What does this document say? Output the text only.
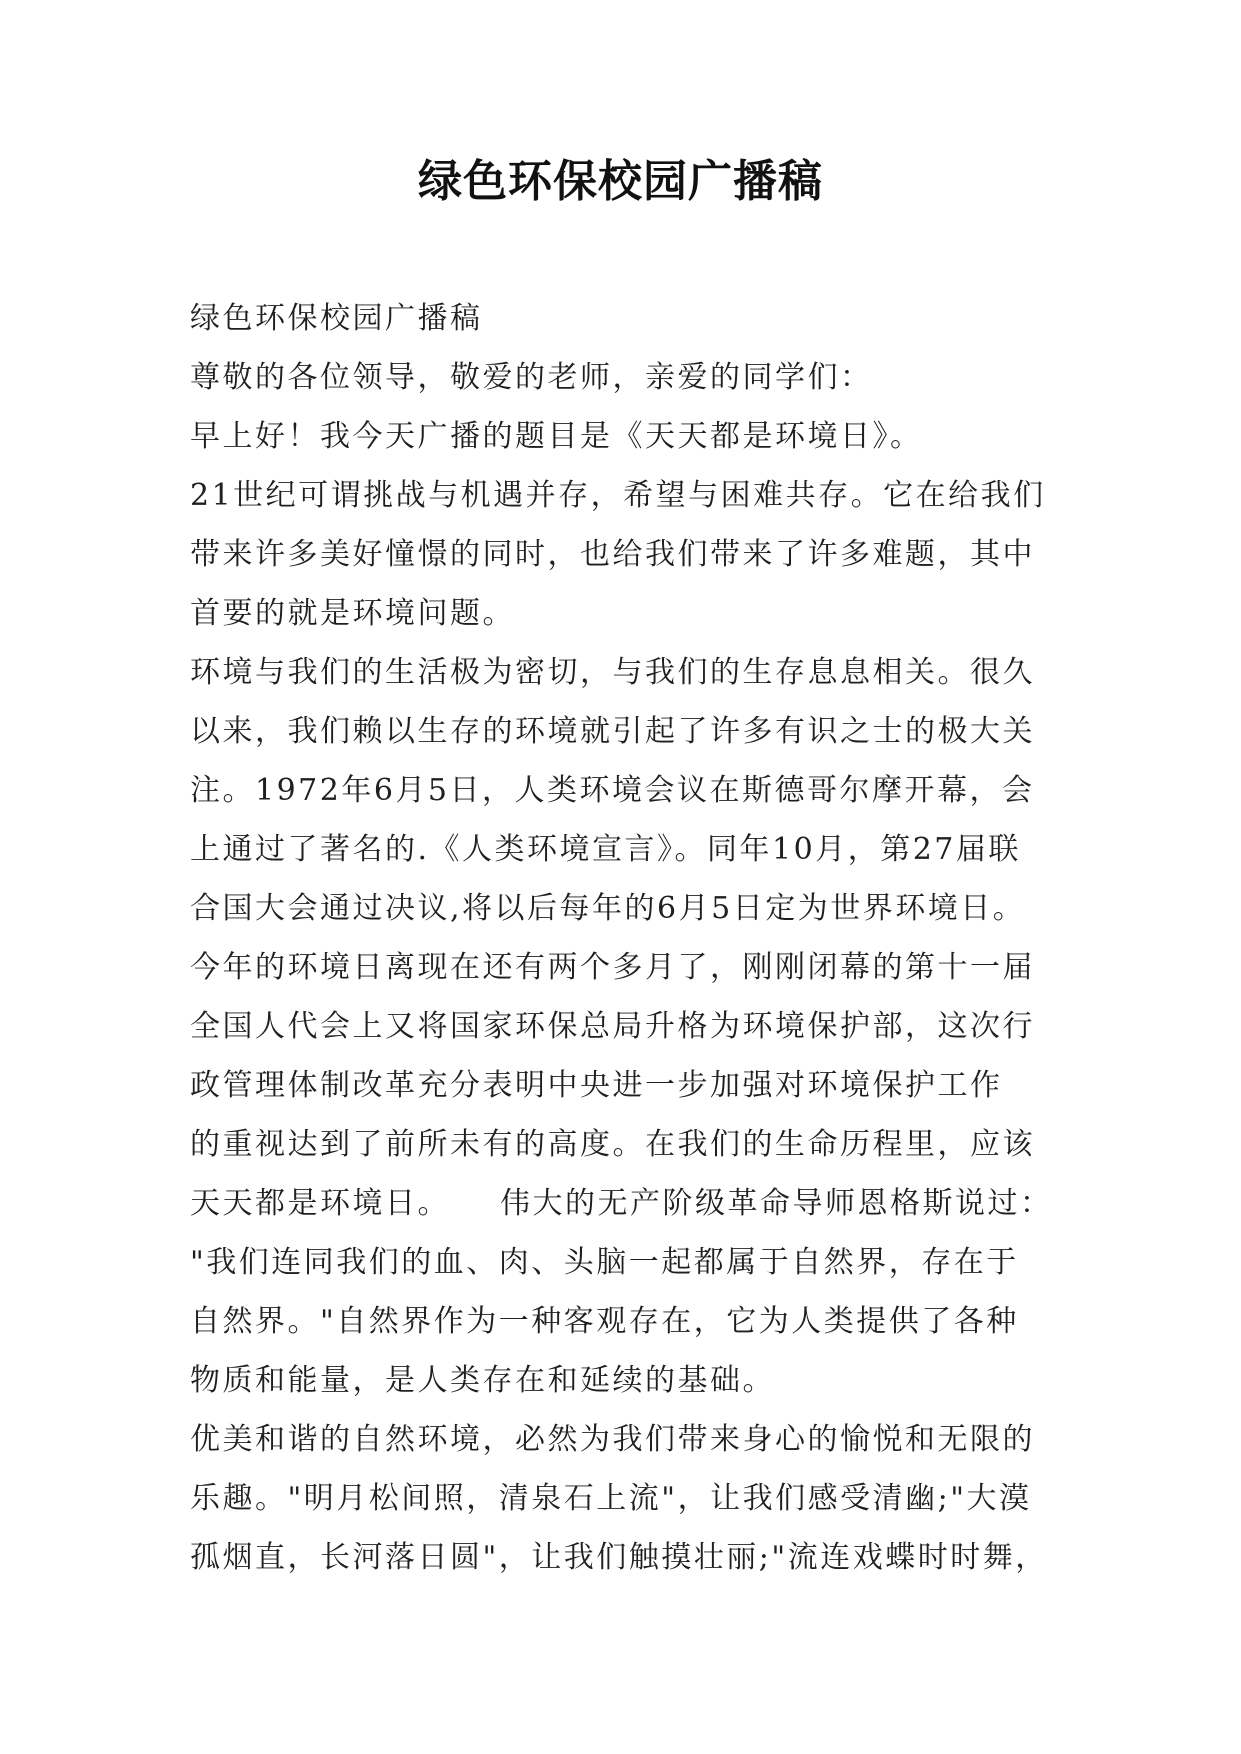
绿色环保校园广播稿
绿色环保校园广播稿
尊敬的各位领导，敬爱的老师，亲爱的同学们：
早上好！我今天广播的题目是《天天都是环境日》。
21世纪可谓挑战与机遇并存，希望与困难共存。它在给我们
带来许多美好憧憬的同时，也给我们带来了许多难题，其中
首要的就是环境问题。
环境与我们的生活极为密切，与我们的生存息息相关。很久
以来，我们赖以生存的环境就引起了许多有识之士的极大关
注。1972年6月5日，人类环境会议在斯德哥尔摩开幕，会
上通过了著名的.《人类环境宣言》。同年10月，第27届联
合国大会通过决议,将以后每年的6月5日定为世界环境日。
今年的环境日离现在还有两个多月了，刚刚闭幕的第十一届
全国人代会上又将国家环保总局升格为环境保护部，这次行
政管理体制改革充分表明中央进一步加强对环境保护工作
的重视达到了前所未有的高度。在我们的生命历程里，应该
天天都是环境日。　　伟大的无产阶级革命导师恩格斯说过：
"我们连同我们的血、肉、头脑一起都属于自然界，存在于
自然界。"自然界作为一种客观存在，它为人类提供了各种
物质和能量，是人类存在和延续的基础。
优美和谐的自然环境，必然为我们带来身心的愉悦和无限的
乐趣。"明月松间照，清泉石上流"，让我们感受清幽;"大漠
孤烟直，长河落日圆"，让我们触摸壮丽;"流连戏蝶时时舞，
